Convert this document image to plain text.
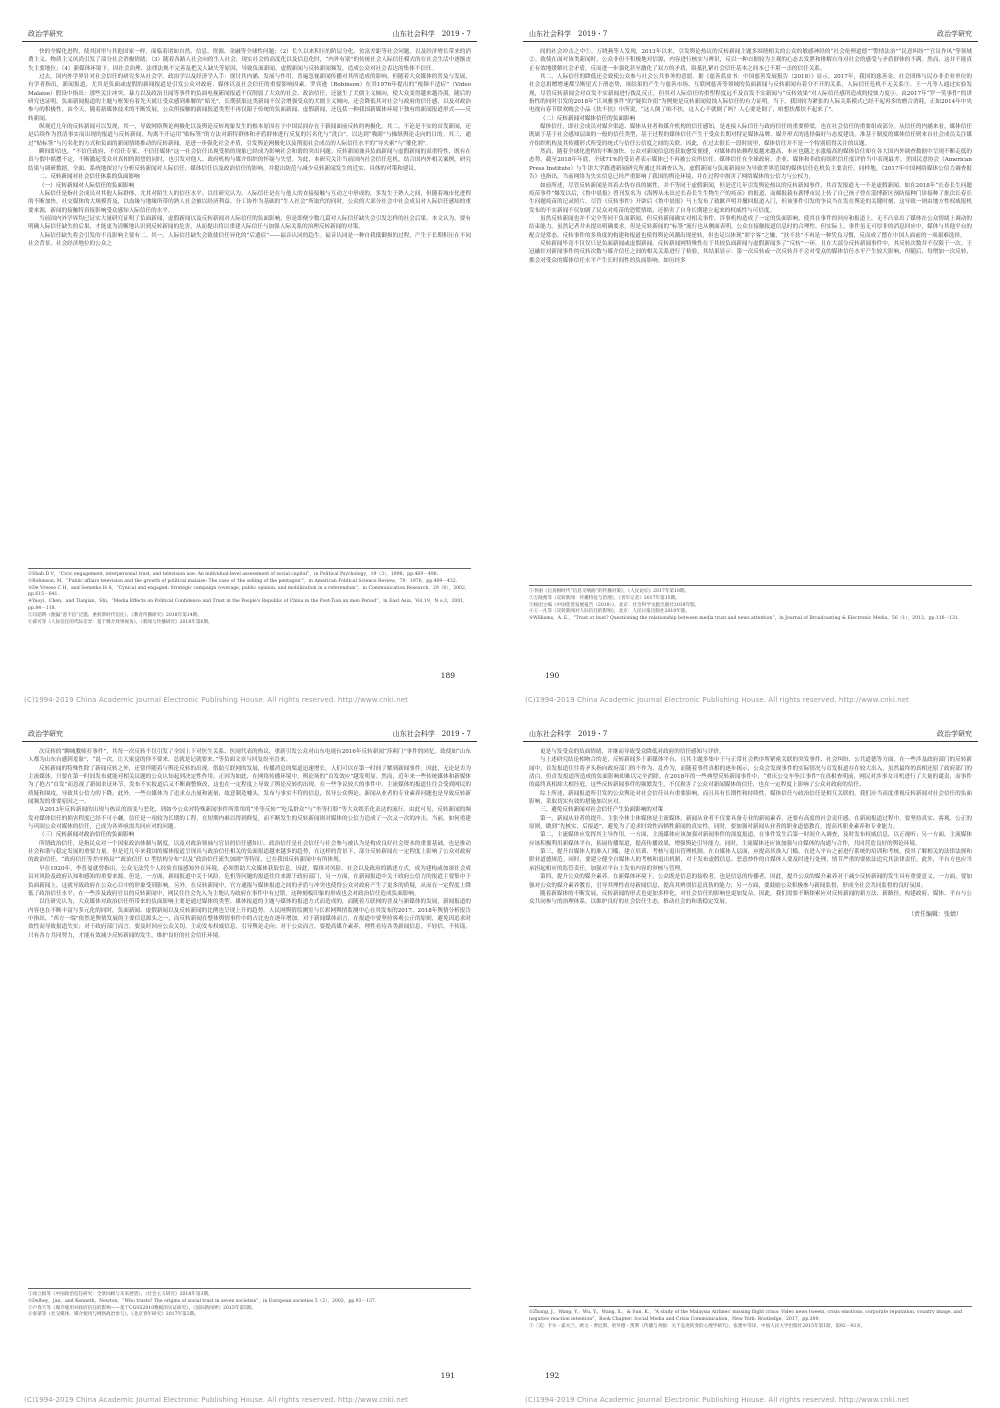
政治学研究	山东社会科学　2019・7

快的全媒化进程，使其国里与其他国家一样，面临着诸如自然、信息、资源、金融等全球性问题；（2）长久以来积压的阶层分化、贫富差距等社会问题，以及经济增长带来的消费主义、物质主义风尚引发了部分社会消极情绪；（3）随着各路人社会向的生人社会，现实社会的高度化以及信息化时，“内外有别”的传统社会人际信任模式的在社会生活中逐渐丧失主要地位；（4）新媒体环境下，因社会治理、法律法规不完善及把关人缺失等原因，导致负面新闻、虚假新闻与反转新闻频发，造成公众对社会表达的集体不信任。

过去，国内外学界针对社会信任的研究多从社会学、政治学以及经济学入手：探讨其内涵、发展与作用，普遍忽视新闻传播对其所造成的影响。但随着大众媒体的普及与发展，有学者指出，新闻报道，尤其是负面或虚假的新闻报道是引发公众对政府、媒体以及社会信任的重要影响因素。罗宾逊（Robinson）在其1976年提出的“视频不适症”（Video Malaise）假设中指出：那些关注冲突、暴力以及政治丑闻等事件的负面电视新闻报道不仅削弱了大众的社会、政治信任，还滋生了犬儒主义倾向，使大众变得越来越冷漠。随后的研究也证明，负面新闻报道的主题与框架有着先天就让受众感到难解的“暗光”，长期获取这类新闻不仅会增强受众的犬儒主义倾向，还会降低其对社会与政府的信任感，以及对政治参与的积极性。由今天，随着新媒体技术的不断发展，公众所接触的新闻报道类型不再仅限于传统的负面新闻、虚假新闻，还包括一种我国新媒体环境下独有的新闻报道形式——反转新闻。

纵观近几年的反转新闻可以发现，其一，导致网络舆论两极化以及舆论反转现象发生的根本原因在于中国民间存在于新闻面前反转的两极化。其二，不论是不实的首发新闻，还是后续作为澄清事实而出现的报道与反转新闻，均离不开运用“贴标签”的方法对新特群体和矛盾群体进行反复的污名化与“洗白”，以达到“吸睛”与操纵舆论走向的目的。其三，通过“贴标签”与污名化的方式和负面的新闻情绪推动的反转新闻，是进一步强化社会矛盾，引发舆论两极化以及削弱社会成员的人际信任水平的“导火索”与“催化剂”。

瞬间即信也，“不信任政府，不信任专家，不信任媒体”这一社会信任出现受损的现象已经成为影响社会和谐的突出问题。反转新闻兼具负面新闻与虚假新闻的双重特性，既有在真与假中摇摆不定，不断激起受众对真相的渴望的同时，也引发对他人、政府机构与媒介组织的怀疑与失望。为此，本研究关注当前国内社会信任危机，结合国内外相关案例，研究结果与调研数据，全面、系统地探讨与分析反转新闻对人际信任、媒体信任以及政治信任的影响，并提出防范与减少反转新闻发生的近实、具体的对策和建议。

二、反转新闻对社会信任体系的负面影响

（一）反转新闻对人际信任的负面影响

人际信任是指社会成员对其他人际群体，尤其对陌生人的信任水平。以往研究认为，人际信任是在与他人的直接接触与互动之中形成的，多发生于熟人之间，但随着城市化进程的不断加快，社交媒体的大规模普及，以血缘与地缘所带的熟人社会被以经济利益、分工协作为基础的“生人社会”所取代的同时，公众的大部分社会中社会成员对人际信任感知的重要来源，新闻的接触特真接影响受众感知人际信任的水平。

当前国内外学界均已证实大量研究证明了负面新闻、虚假新闻以及反转新闻对人际信任的负面影响，但是即便少数几篇对人际信任缺失会引发怎样的社会后果。本文认为，要有明确人际信任缺失的后果，才能更为清晰地认识到反转新闻的危害，从而提出将以重建人际信任与加强人际关系的治理反转新闻的对策。

人际信任缺失将会引发的不良影响主要有二。其一，人际信任缺失会致使信任异化的“后遗症”——福音认同的趋生。福音认同是一种自我抵御损的过程，产生于长期积压在不同社会背景，社会经济地位的公众之

①Shah D V，“Civic engagement, interpersonal trust, and television use: An individual‐level assessment of social capital”，in Political Psychology，19（3），1998，pp.469－496.
②Robinson, M，“Public affairs television and the growth of political malaise: The case of 'the selling of the pentagon'”，in American Political Science Review，70：1976，pp.409－432.
③De Vreese C H，and Semetko H A，“Cynical and engaged: Strategic campaign coverage, public opinion, and mobilization in a referendum”，in Communication Research，29（6），2002，pp.615－641.
④Yaoyi，Chen，and Tianjian，Shi，“Media Effects on Political Confidence and Trust in the People's Republic of China in the Post‐Tian an men Period”，in East Asia，Vol.19，N o.3，2001，pp.84－118.
⑤闫超明《跑偏”意不信“泛滥、重析新时代信任》，《教育传播研究》2018年第14期。
⑥薛可等《人际信任的代际差异：基于媒介效果视角》，《新闻与传播研究》2018年第6期。
189
(C)1994-2019 China Academic Journal Electronic Publishing House. All rights reserved. http://www.cnki.net
山东社会科学　2019・7	政治学研究

间的社会冲击之中①。万晓燕等人发现，2013年以来，引发舆论热议的反转新闻主题多围绕相关的公众的敏感神经的“社会伦理道德”“警情法治”“民意纠纷”“官员作风”等领域②。致使在面对该类新闻时，公众非但不积极地对信源，内容进行核实与辨识，反以一种自据较为主观的心态去发泄和排解自身对社会的感受与矛盾群体的不满。然而，这并不能真正有效地缓解社会矛盾，反而进一步强化甚至激化了双方的矛盾，阻抵扎紧社会信任基本之间本已不堪一击的信任关系。

其二，人际信任的降低还会致使公众参与社会公共事务的意愿。据《慈善蓝皮书：中国慈善发展报告（2018）》显示，2017年，我国的慈善金、社会团体与民办非企业单位的社会总捐赠增速都呈断崖式下滑态势，该结果的产生与慈善市场、互联网慈善等领域的负面新闻与反转新闻有着分不开的关系，人际信任危机不无关系③。王一凡等人通过实验发现，尽管反转新闻会对首发不实新闻进行拨乱反正，但其对人际信任的重塑程度远不及首发不实新闻与“反转效果”对人际信任感所造成的侵蚀力度④。由2017年“罗一笑事件”的讲指性的同时引发的2018年“江风雅事件”的“疑似诈捐”为例便是反转新闻侵蚀人际信任的有力证明。当下，我国较为紧张的人际关系模式已经不起再多的磨合消耗。正如2014年中央电视台春节联欢晚会小品《扶不扶》中所说，“这人倒了咱不扶，这人心不就倒了吗？人心要是倒了，咱想扶都扶不起来了”。

（二）反转新闻对媒体信任的负面影响

媒体信任，即社会成员对媒介渠道、媒体从业者和媒介机构的信任感知，是连接人际信任与政府信任的重要桥梁，也在社会信任的重要组成部分。从信任的内涵来看，媒体信任既属于基于社会感知层面的一般的信任类型，基于过程的媒体信任产生于受众长期对特定媒体品牌、媒介形式的选择偏好与态度建设。准基于制度的媒体信任则来自社会成员关注媒介组织机构及其传播形式所受的统式与信任公信度之间的关联。因此，在过去很长一段时间里，媒体信任并不是一个特别值得关注的议题。

然而，随着全球化进程的不断加快，公众对新闻信息的获取愈发便捷，对媒体的依赖程度越来越高，本应也随之水涨船高的媒体信任却在各大国内外调查数据中呈现不断走低的态势。截至2018年年底，全球71%的受访者表示媒体已不再被公众所信任。媒体信任在全球政府、企业、媒体和非政府组织信任度评价当中表现最差。美国民意协会（American Press Institute）与牛津大学路透新闻研究所通过其调查认为，虚假新闻与负面新闻应为导致世界范围的媒体信任危机负主要责任。同样地，《2017年中国网络媒体公信力调查报告》也指出，当前网络为失实信息已经严重影响了我国的舆论环境，并在过程中损害了网络媒体的公信力与公权力。

如前所述，尽管反转新闻是其着去伪存真的属性，并不等同于虚假新闻，但是近几年引发舆论热议的反转新闻事件，其首发报道无一不是虚假新闻。如在2018年“长春长生问题疫苗事件”爆发以后，《鲁中晨报》曾刊发名为《海博从未出过长春长生生物生产的疫苗》的报道，而邮报载有薪博市民上传了自己孩子曾在淄博新区预防接种门诊接种了批次长春长生问题疫苗的记录照片。尽管《反转事件》开辟后《鲁中晨报》马上发布了致歉声明并撤回报道入门，但该事件引发的争议当在发在舆论的关键时刻，这导致一则由地方性权威报机发布的不实新闻不仅加剧了民众对疫苗的恐慌情绪，还损害了自身长期建立起来的权威性与可信度。

虽然反转新闻也并不完全等同于负面新闻，但反转新闻确实对相关事件、涉事机构造成了一定的负面影响，使其在事件的回应和报道上，无不凸显出了媒体在公众情绪上调动的结束能力。虽然记者并未提出明确要求，但是反转新闻的“标签”流行也从侧面表明，公众在接触报道信息时的合理性。但实际上，事件虽无可厚非的消息回应中，媒体与其他平台的配合是常态。反转事件的多角度的构建和报道也使得舆论风潮出现逆转，但也足以体现“彩字客”之嫌，“扶不扶”不再是一种凭良习惯，反而成了摆在中国人面前的一项艰难选择。

反转新闻毕竟不仅仅只是负面新闻或虚假新闻。反转新闻网特殊性在于其较负面新闻与虚假新闻多了“反转”一环，且在大部分反转新闻事件中，其反转次数并不仅限于一次。王冠融针对新闻事件的反转次数与媒介信任之间的相关关系进行了检验，其结果显示：第一次反转或一次反转并不会对受众的媒体信任水平产生较大影响，但随后，每增加一次反转，都会对受众的媒体信任水平产生长时间性的负面影响。如历经多

①李丽《后真相时代“信息交响曲”的传播对策》，《人民论坛》2017年第10期。
②万晓燕等《反转新闻：传播特征与治理》，《青年记者》2017年第15期。
③杨团主编《中国慈善发展报告（2018）》，北京：社会科学文献出版社2018年版。
④王一凡等《反转新闻对人际信任的影响》，北京：人民日报出版社2018年版。
⑤Williams，A. E.，“Trust or bust? Questioning the relationship between media trust and news attention”，in Journal of Broadcasting & Electronic Media，56（1），2012，pp.116－131.
190
(C)1994-2019 China Academic Journal Electronic Publishing House. All rights reserved. http://www.cnki.net
政治学研究	山东社会科学　2019・7

次反转的“聊城教师打事件”，其每一次反转不仅引发了全国上下对医生关系、医闹代表的热议，重新引发公众对山东电视台2016年反转新闻“莎莉门”事件的回忆。致使如“山东人都为山东台感到羞耻”，“说一次，让大家觉的你不要来，总就是记就要来。”等负面文章与回复纷至沓来。

反转新闻的特殊性除了新闻反转之外，还常伴随着与舆论反转的出现。借助互联网的发展，传播消息的渠道迅速增长，人们可以在第一时间了解到新闻事件。因此，无论是否为主流媒体，只要在第一时间发布就能对相关议题的公众认知起到决定性作用。正因为如此，在网络传播环境中，舆论场的“首发效应”越发明显。然而，近年来一些传统媒体和新媒体为了抢占“首发”而忽视了新闻求证环节，发布不实报道后又不断调整修改，这也在一定程度上导致了舆论反转的出现。在一些争议较大的事件中，主流媒体的报道往往会受到网民的质疑和围攻，导致其公信力的下降。此外，一些自媒体为了追求点击量和流量，故意制造噱头，发布与事实不符的信息，误导公众舆论。新闻从业者的专业素养问题也是导致反转新闻频发的重要原因之一。

从2013年反转新闻的出现与热议的演变与恶化，到如今公众对特殊新闻事件所常用的“坐等反转”“吃瓜群众”与“坐等打脸”等大众娱乐化表达的流行。由此可见，反转新闻的频发对媒体信任的损害程度已经不可小觑。信任是一项较为长期的工程，在短期内难以得到修复，而不断发生的反转新闻则对媒体的公信力造成了一次又一次的冲击。当前，如何重建与巩固公众对媒体的信任，已成为各界亟需共同应对的问题。

（三）反转新闻对政治信任的负面影响

所谓政治信任，是指民众对一个国家政治体制与制度，以及对政治领袖与官员的信任感知①。政治信任是社会信任与社会参与被认为是构成良好社会资本的重要基础，也是推动社会和谐与稳定发展的重要力量。但是近几年来我国的媒体报道呈现出与政治信任相关的负面报道越来越多的趋势，在这样的背景下，部分反转新闻在一定程度上影响了公众对政府的政治信任。“政府信任等差序格局”“政治信任 U 型结构分布”以及“政治信任流失加剧”等特征，已在我国反转新闻中有所体现。

早在1920年，李普曼就曾指出，公众无法凭个人经验直接感知外在环境，必须借助大众媒体获取信息。因此，媒体对风险、社会以及政府的描述方式，成为建构或加深社会成员对风险及政府认知和感知的重要来源。但是，一方面，新闻报道中关于风险、危机等问题的报道往往来源于政府部门，另一方面，在新闻报道中关于政府公信力的报道主要集中于负面新闻上，这就导致政府在公众心目中的形象受到影响。另外，在反转新闻中，官方通报与媒体报道之间的矛盾与冲突也使得公众对政府产生了更多的质疑，从而在一定程度上降低了政治信任水平。在一些涉及政府官员的反转新闻中，网民往往会先入为主地认为政府在事件中有过错，这种刻板印象的形成也会对政治信任造成负面影响。

以往研究认为，大众媒体对政治信任所带来的负面影响主要是通过媒体的类型、媒体报道的主题与媒体的报道方式而造成的，而随着互联网的普及与新媒体的发展，新闻报道的内容也在不断丰富与多元化的同时，负面新闻、虚假新闻以及反转新闻的比例也呈现上升的趋势。人民网舆情监测室与长彩网舆情监测中心在其发布的2017、2018年舆情分析报告中指出，“西方一端”依然是舆情发展的主要信息源头之一，而反转新闻在整体舆情事件中的占比也在逐年增加。对于新闻媒体而言，在报道中要坚持客观公正的原则，避免因追求时效性而导致报道失实；对于政府部门而言，要及时回应公众关切，主动发布权威信息，引导舆论走向；对于公众而言，要提高媒介素养，理性看待各类新闻信息，不轻信、不传谣。只有各方共同努力，才能有效减少反转新闻的发生，维护良好的社会信任环境。

①徐立群等《中国政治信任研究：全景回顾与未来展望》，《社会主义研究》2018年第3期。
②Delhey，Jan，and Kenneth，Newton，“Who trusts? The origins of social trust in seven societies”，in European societies 5（2），2003，pp.93－137.
③卢春天等《媒介使用对政府信任的影响——基于CGSS2010数据的实证研究》，《国际新闻界》2015年第5期。
④张蒙等《社交媒体、媒介使用与网络政治参与》，《北京青年研究》2017年第2期。
191
(C)1994-2019 China Academic Journal Electronic Publishing House. All rights reserved. http://www.cnki.net
山东社会科学　2019・7	政治学研究

更是与发受众的负面情绪，并继而导致受众降低对政府的信任感知与评价。

与上述研究结论相吻合的是，反转新闻多于新媒体平台，且其主题多集中于与正常社会秩序所紧密关联的突发事件、社会纠纷、公共道德等方面。在一些涉及政府部门的反转新闻中，首发报道往往将矛头指向政府部门的不作为、乱作为，而随着事件真相的逐步揭示，公众会发现事件的实际情况与首发报道存在较大出入。虽然最终的真相还原了政府部门的清白，但首发报道所造成的负面影响却难以完全消除。在2018年的一些典型反转新闻事件中，“重庆公交车坠江事件”在真相查明前，网民对涉事女司机进行了大量的谴责，而事件的最终真相却大相径庭。这些反转新闻事件的频繁发生，不仅损害了公众对新闻媒体的信任，也在一定程度上影响了公众对政府的信任。

综上所述，新闻报道所引发的公众舆论对社会信任具有重要影响，而且具有长期性和持续性，媒体信任与政治信任是相互关联的。我们应当高度重视反转新闻对社会信任的负面影响，采取切实有效的措施加以应对。

三、避免反转新闻对社会信任产生负面影响的对策

第一，新闻从业者的提升。主张全体主体媒体是主流媒体，新闻从业者不仅要具备专业的新闻素养，还要有高度的社会责任感。在新闻报道过程中，要坚持真实、客观、公正的原则，做到“先核实，后报道”，避免为了追求时效性而牺牲新闻的真实性。同时，要加强对新闻从业者的职业道德教育，提高其职业素养和专业能力。

第二，主流媒体应发挥其主导作用。一方面，主流媒体应该加强对新闻事件的深度报道，在事件发生后第一时间介入调查，及时发布权威信息，以正视听；另一方面，主流媒体应该积极利用新媒体平台，拓展传播渠道，提高传播效果，增强舆论引导能力。同时，主流媒体还应该加强与自媒体的沟通与合作，共同营造良好的舆论环境。

第三，提升自媒体人的准入门槛，建立培训、考核与退出管理机制。在自媒体人层面，应提高其准入门槛，在进入平台之前进行系统的培训和考核，使其了解相关的法律法规和职业道德规范。同时，要建立健全自媒体人的考核和退出机制，对于发布虚假信息、恶意炒作的自媒体人要及时进行处理，情节严重的要依法追究其法律责任。此外，平台方也应当承担起相应的监管责任，加强对平台上发布内容的审核与管理。

第四，提升公众的媒介素养。在新媒体环境下，公众既是信息的接收者，也是信息的传播者。因此，提升公众的媒介素养对于减少反转新闻的发生具有重要意义。一方面，要加强对公众的媒介素养教育，引导其理性看待新闻信息，提高其辨别信息真伪的能力；另一方面，要鼓励公众积极参与新闻监督，形成全社会共同监督的良好氛围。

随着新媒体的不断发展，反转新闻的形式也更加多样化，对社会信任的影响也更加复杂。因此，我们需要不断探索应对反转新闻的新方法、新路径，构建政府、媒体、平台与公众共同参与的治理体系，以维护良好的社会信任生态，推动社会的和谐稳定发展。

（责任编辑：张婧）
①Zhang, J.，Wang, Y.，Wu, Y.，Wang, X.，& Sun, K.，“A study of the Malaysia Airlines' missing flight crisis: Video news tweets, crisis emotions, corporate reputation, country image, and negative reaction intention”，Book Chapter: Social Media and Crisis Communication，New York: Routledge，2017，pp.309.
②［美］卡尔・霍夫兰、欧文・贾尼斯、哈罗德・凯利《传播与劝服：关于态度转变的心理学研究》，张建中等译，中国人民大学出版社2015年第1版，第92－93页。
192
(C)1994-2019 China Academic Journal Electronic Publishing House. All rights reserved. http://www.cnki.net
